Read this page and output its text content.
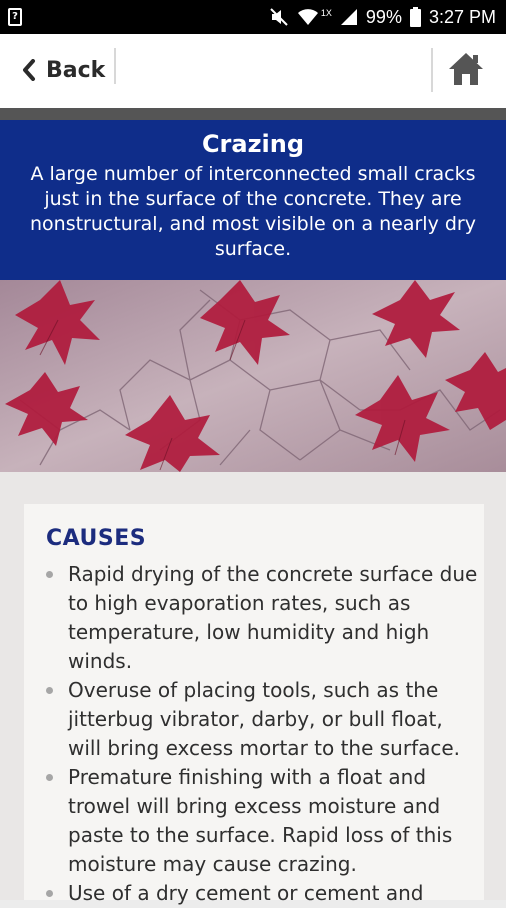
?	1X 99% 3:27 PM
Back
Crazing
A large number of interconnected small cracks just in the surface of the concrete. They are nonstructural, and most visible on a nearly dry surface.
CAUSES
Rapid drying of the concrete surface due to high evaporation rates, such as temperature, low humidity and high winds.
Overuse of placing tools, such as the jitterbug vibrator, darby, or bull float, will bring excess mortar to the surface.
Premature finishing with a float and trowel will bring excess moisture and paste to the surface. Rapid loss of this moisture may cause crazing.
Use of a dry cement or cement and
